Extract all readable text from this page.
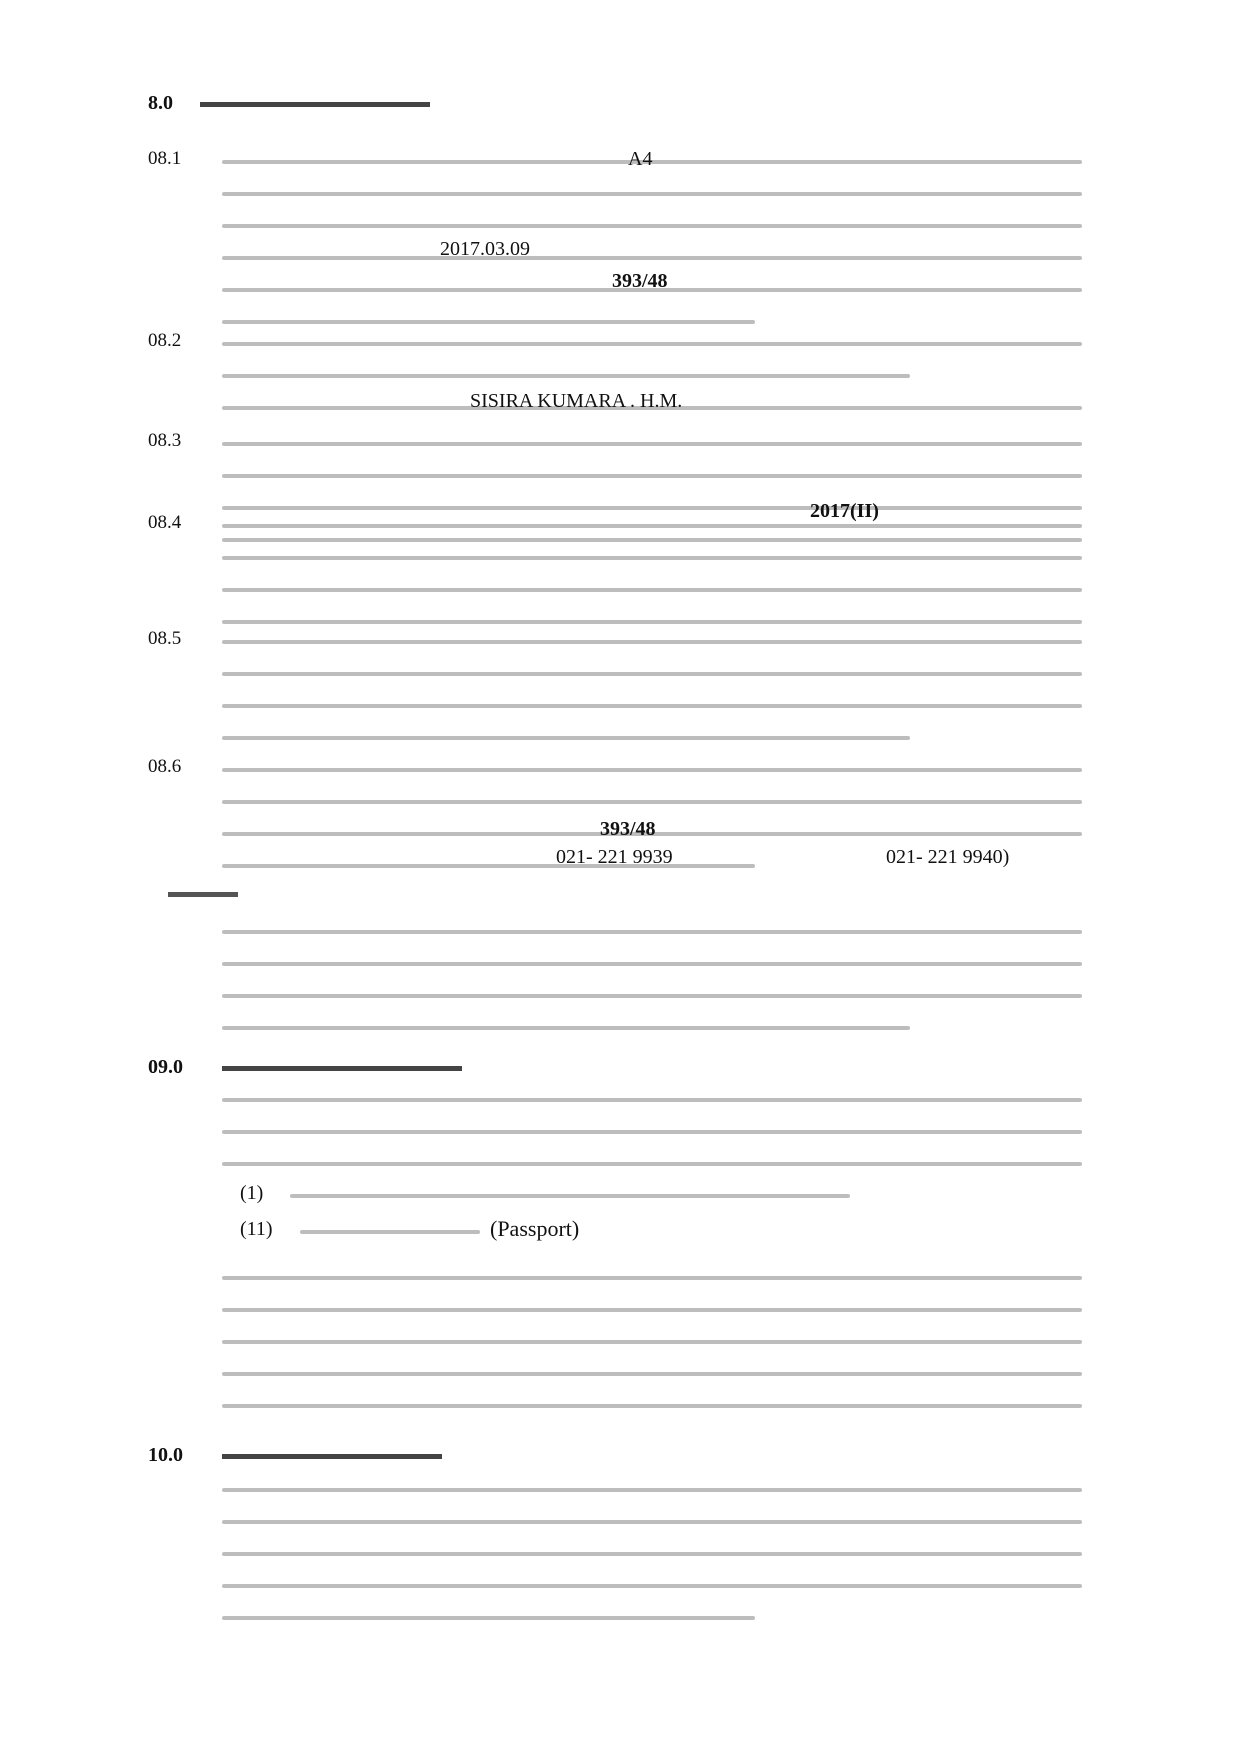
8.0
08.1	A4
2017.03.09
393/48
08.2
SISIRA KUMARA . H.M.
08.3
2017(II)
08.4
08.5
08.6
393/48
021- 221 9939	021- 221 9940)
09.0
(1)
(11)	(Passport)
10.0
